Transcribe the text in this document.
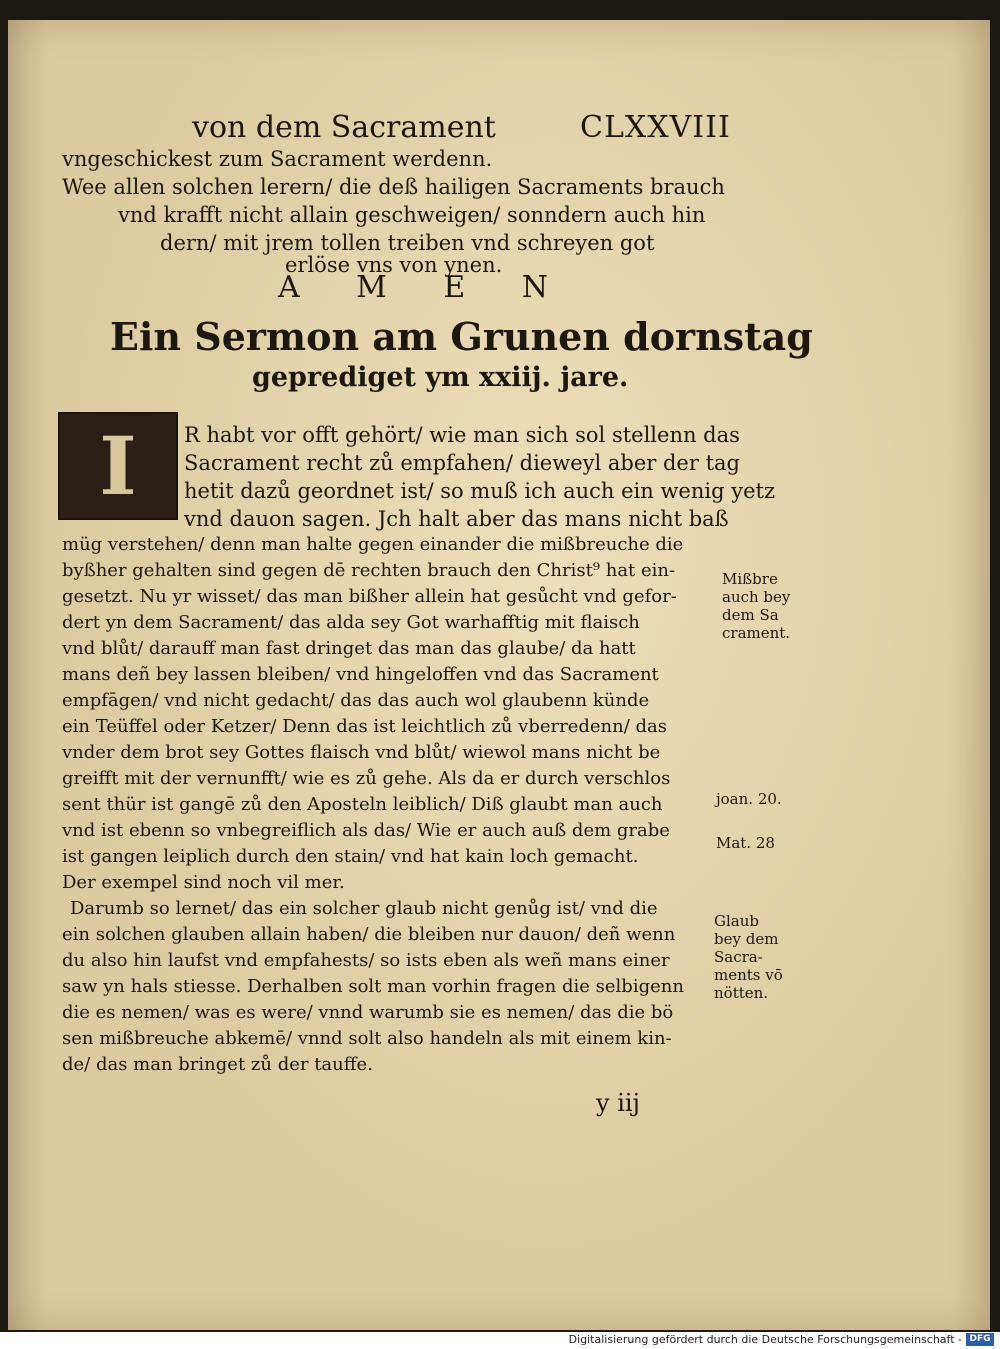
von dem Sacrament	CLXXVIII
vngeschickest zum Sacrament werdenn.
Wee allen solchen lerern/ die deß hailigen Sacraments brauch
vnd krafft nicht allain geschweigen/ sonndern auch hin
dern/ mit jrem tollen treiben vnd schreyen got
erlöse vns von ynen.
A M E N
Ein Sermon am Grunen dornstag
geprediget ym xxiij. jare.
I R habt vor offt gehört/ wie man sich sol stellenn das
Sacrament recht zů empfahen/ dieweyl aber der tag
hetit dazů geordnet ist/ so muß ich auch ein wenig yetz
vnd dauon sagen. Jch halt aber das mans nicht baß
müg verstehen/ denn man halte gegen einander die mißbreuche die
byßher gehalten sind gegen dē rechten brauch den Christ⁹ hat ein-
gesetzt. Nu yr wisset/ das man bißher allein hat gesůcht vnd gefor-
dert yn dem Sacrament/ das alda sey Got warhafftig mit flaisch
vnd blůt/ darauff man fast dringet das man das glaube/ da hatt
mans deñ bey lassen bleiben/ vnd hingeloffen vnd das Sacrament
empfāgen/ vnd nicht gedacht/ das das auch wol glaubenn künde
ein Teüffel oder Ketzer/ Denn das ist leichtlich zů vberredenn/ das
vnder dem brot sey Gottes flaisch vnd blůt/ wiewol mans nicht be
greifft mit der vernunfft/ wie es zů gehe. Als da er durch verschlos
sent thür ist gangē zů den Aposteln leiblich/ Diß glaubt man auch
vnd ist ebenn so vnbegreiflich als das/ Wie er auch auß dem grabe
ist gangen leiplich durch den stain/ vnd hat kain loch gemacht.
Der exempel sind noch vil mer.
Darumb so lernet/ das ein solcher glaub nicht genůg ist/ vnd die
ein solchen glauben allain haben/ die bleiben nur dauon/ deñ wenn
du also hin laufst vnd empfahests/ so ists eben als weñ mans einer
saw yn hals stiesse. Derhalben solt man vorhin fragen die selbigenn
die es nemen/ was es were/ vnnd warumb sie es nemen/ das die bö
sen mißbreuche abkemē/ vnnd solt also handeln als mit einem kin-
de/ das man bringet zů der tauffe.
Mißbre
auch bey
dem Sa
crament.
joan. 20.
Mat. 28
Glaub
bey dem
Sacra-
ments vō
nötten.
y iij
Digitalisierung gefördert durch die Deutsche Forschungsgemeinschaft - DFG
